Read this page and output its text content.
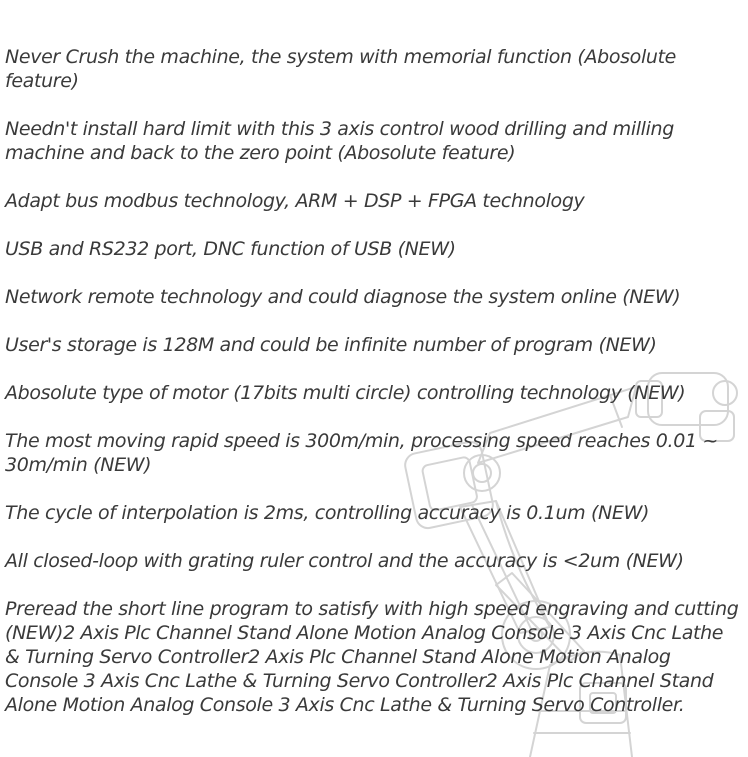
Never Crush the machine, the system with memorial function (Abosolute feature)
Needn't install hard limit with this 3 axis control wood drilling and milling machine and back to the zero point (Abosolute feature)
Adapt bus modbus technology, ARM + DSP + FPGA technology
USB and RS232 port, DNC function of USB (NEW)
Network remote technology and could diagnose the system online (NEW)
User's storage is 128M and could be infinite number of program (NEW)
Abosolute type of motor (17bits multi circle) controlling technology (NEW)
The most moving rapid speed is 300m/min, processing speed reaches 0.01 ~ 30m/min (NEW)
The cycle of interpolation is 2ms, controlling accuracy is 0.1um (NEW)
All closed-loop with grating ruler control and the accuracy is <2um (NEW)
Preread the short line program to satisfy with high speed engraving and cutting (NEW)2 Axis Plc Channel Stand Alone Motion Analog Console 3 Axis Cnc Lathe & Turning Servo Controller2 Axis Plc Channel Stand Alone Motion Analog Console 3 Axis Cnc Lathe & Turning Servo Controller2 Axis Plc Channel Stand Alone Motion Analog Console 3 Axis Cnc Lathe & Turning Servo Controller.
